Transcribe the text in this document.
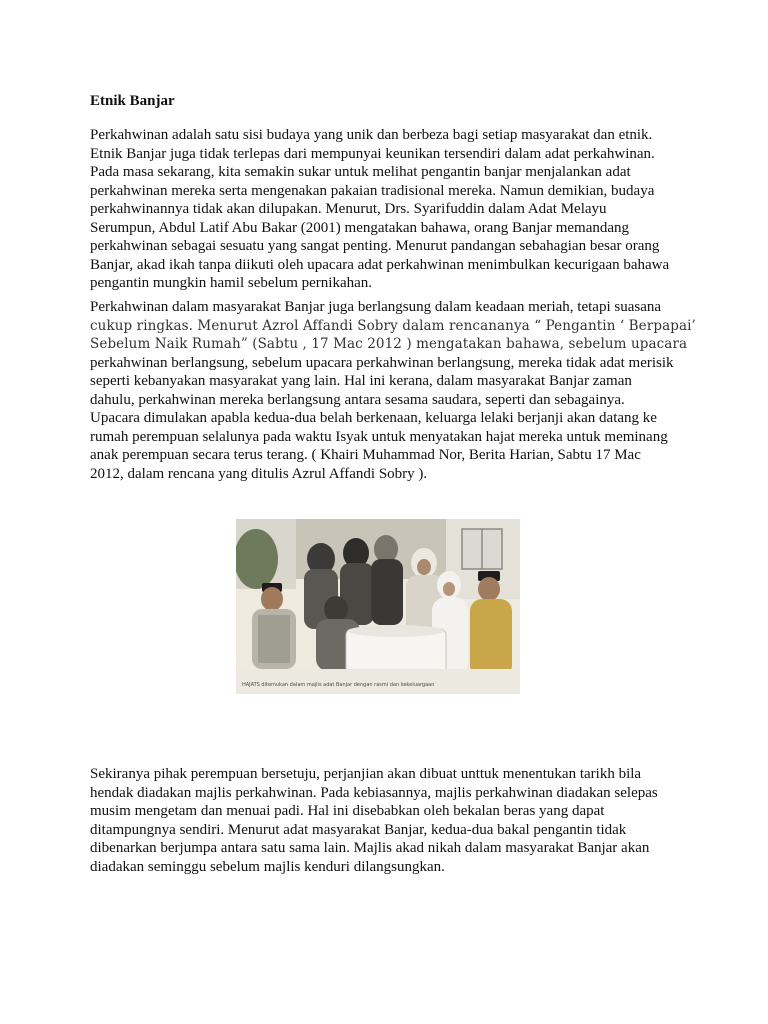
Etnik Banjar
Perkahwinan adalah satu sisi budaya yang unik dan berbeza bagi setiap masyarakat dan etnik.
Etnik Banjar juga tidak terlepas dari mempunyai keunikan tersendiri dalam adat perkahwinan.
Pada masa sekarang, kita semakin sukar untuk melihat pengantin banjar menjalankan adat
perkahwinan mereka serta mengenakan pakaian tradisional mereka. Namun demikian, budaya
perkahwinannya tidak akan dilupakan. Menurut, Drs. Syarifuddin dalam Adat Melayu
Serumpun, Abdul Latif Abu Bakar (2001) mengatakan bahawa, orang Banjar memandang
perkahwinan sebagai sesuatu yang sangat penting. Menurut pandangan sebahagian besar orang
Banjar, akad ikah tanpa diikuti oleh upacara adat perkahwinan menimbulkan kecurigaan bahawa
pengantin mungkin hamil sebelum pernikahan.
Perkahwinan dalam masyarakat Banjar juga berlangsung dalam keadaan meriah, tetapi suasana
cukup ringkas. Menurut Azrol Affandi Sobry dalam rencananya “ Pengantin ‘ Berpapai’
Sebelum Naik Rumah” (Sabtu , 17 Mac 2012 ) mengatakan bahawa, sebelum upacara
perkahwinan berlangsung, sebelum upacara perkahwinan berlangsung, mereka tidak adat merisik
seperti kebanyakan masyarakat yang lain. Hal ini kerana, dalam masyarakat Banjar zaman
dahulu, perkahwinan mereka berlangsung antara sesama saudara, seperti dan sebagainya.
Upacara dimulakan apabla kedua-dua belah berkenaan, keluarga lelaki berjanji akan datang ke
rumah perempuan selalunya pada waktu Isyak untuk menyatakan hajat mereka untuk meminang
anak perempuan secara terus terang. ( Khairi Muhammad Nor, Berita Harian, Sabtu 17 Mac
2012, dalam rencana yang ditulis Azrul Affandi Sobry ).
HAJATS ditemukan dalam majlis adat Banjar dengan rasmi dan kekeluargaan
Sekiranya pihak perempuan bersetuju, perjanjian akan dibuat unttuk menentukan tarikh bila
hendak diadakan majlis perkahwinan. Pada kebiasannya, majlis perkahwinan diadakan selepas
musim mengetam dan menuai padi. Hal ini disebabkan oleh bekalan beras yang dapat
ditampungnya sendiri. Menurut adat masyarakat Banjar, kedua-dua bakal pengantin tidak
dibenarkan berjumpa antara satu sama lain. Majlis akad nikah dalam masyarakat Banjar akan
diadakan seminggu sebelum majlis kenduri dilangsungkan.
